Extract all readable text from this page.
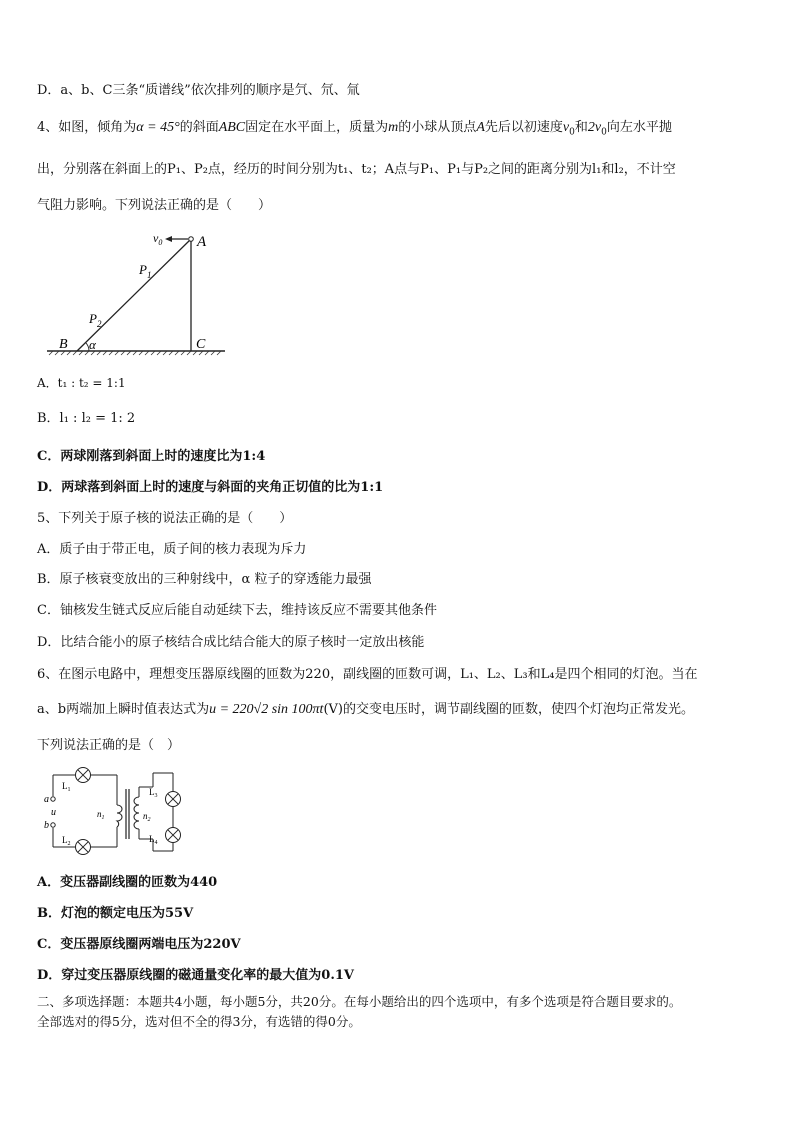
D．a、b、C三条“质谱线”依次排列的顺序是氕、氘、氚
4、如图，倾角为α = 45°的斜面ABC固定在水平面上，质量为m的小球从顶点A先后以初速度$v_0$和$2v_0$向左水平抛
出，分别落在斜面上的P₁、P₂点，经历的时间分别为t₁、t₂；A点与P₁、P₁与P₂之间的距离分别为l₁和l₂，不计空
气阻力影响。下列说法正确的是（　　）
$v_0$ A
$P_1$
$P_2$
B α	C
A．t₁ : t₂ = 1:1
B．l₁ : l₂ = 1: 2
C．两球刚落到斜面上时的速度比为1:4
D．两球落到斜面上时的速度与斜面的夹角正切值的比为1:1
5、下列关于原子核的说法正确的是（　　）
A．质子由于带正电，质子间的核力表现为斥力
B．原子核衰变放出的三种射线中，α 粒子的穿透能力最强
C．铀核发生链式反应后能自动延续下去，维持该反应不需要其他条件
D．比结合能小的原子核结合成比结合能大的原子核时一定放出核能
6、在图示电路中，理想变压器原线圈的匝数为220，副线圈的匝数可调，L₁、L₂、L₃和L₄是四个相同的灯泡。当在
a、b两端加上瞬时值表达式为u = 220√2 sin 100πt(V)的交变电压时，调节副线圈的匝数，使四个灯泡均正常发光。
下列说法正确的是（　）
$L_1$
$L_2$
$L_3$
$L_4$
a
u
b
$n_1$	$n_2$
A．变压器副线圈的匝数为440
B．灯泡的额定电压为55V
C．变压器原线圈两端电压为220V
D．穿过变压器原线圈的磁通量变化率的最大值为0.1V
二、多项选择题：本题共4小题，每小题5分，共20分。在每小题给出的四个选项中，有多个选项是符合题目要求的。
全部选对的得5分，选对但不全的得3分，有选错的得0分。
